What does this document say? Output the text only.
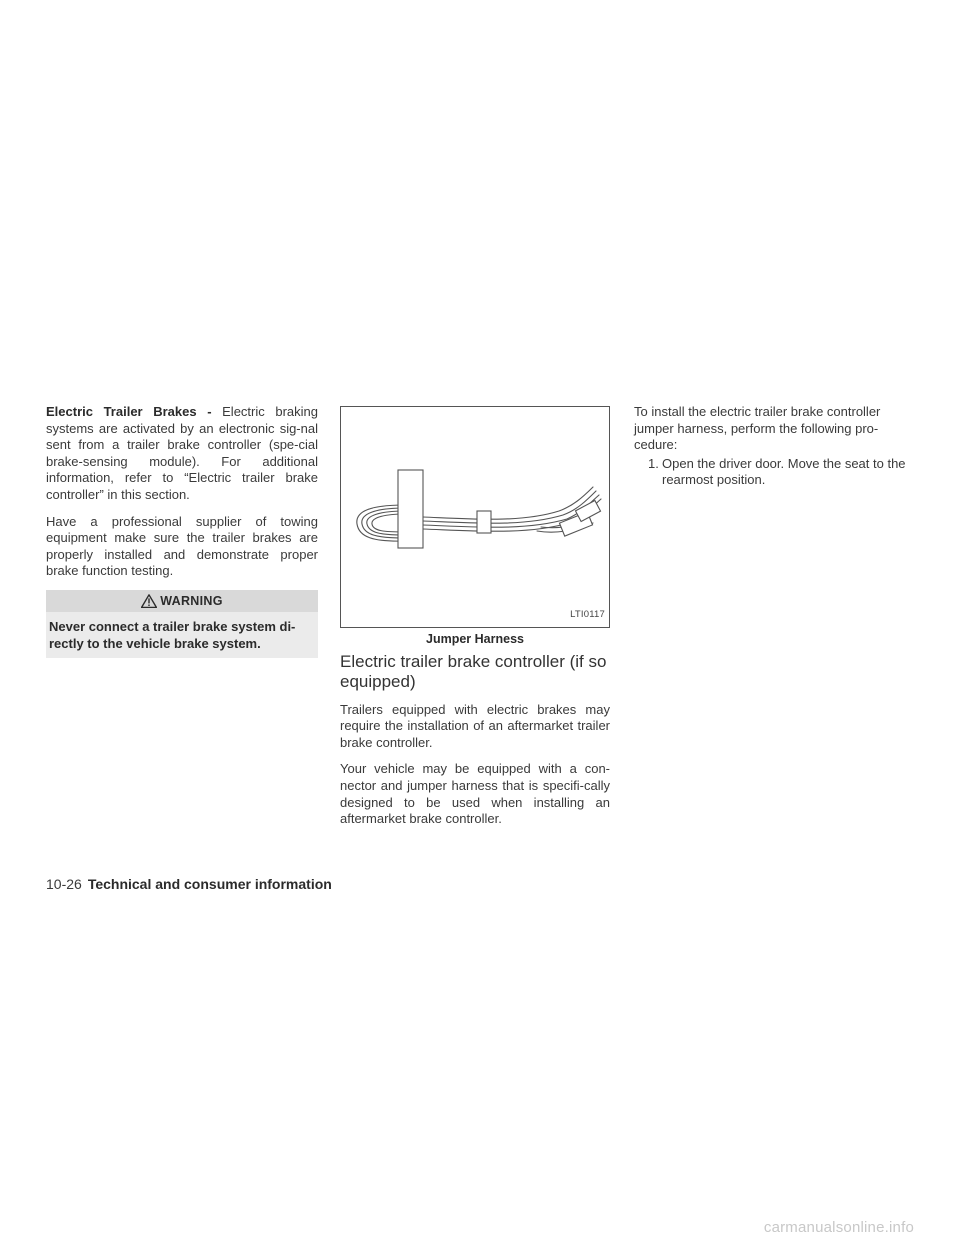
Electric Trailer Brakes - Electric braking systems are activated by an electronic sig-nal sent from a trailer brake controller (spe-cial brake-sensing module). For additional information, refer to “Electric trailer brake controller” in this section.

Have a professional supplier of towing equipment make sure the trailer brakes are properly installed and demonstrate proper brake function testing.

WARNING
Never connect a trailer brake system di-rectly to the vehicle brake system.
LTI0117
Jumper Harness
Electric trailer brake controller (if so equipped)

Trailers equipped with electric brakes may require the installation of an aftermarket trailer brake controller.

Your vehicle may be equipped with a con-nector and jumper harness that is specifi-cally designed to be used when installing an aftermarket brake controller.

To install the electric trailer brake controller jumper harness, perform the following pro-cedure:

1. Open the driver door. Move the seat to the rearmost position.
10-26 Technical and consumer information
carmanualsonline.info
